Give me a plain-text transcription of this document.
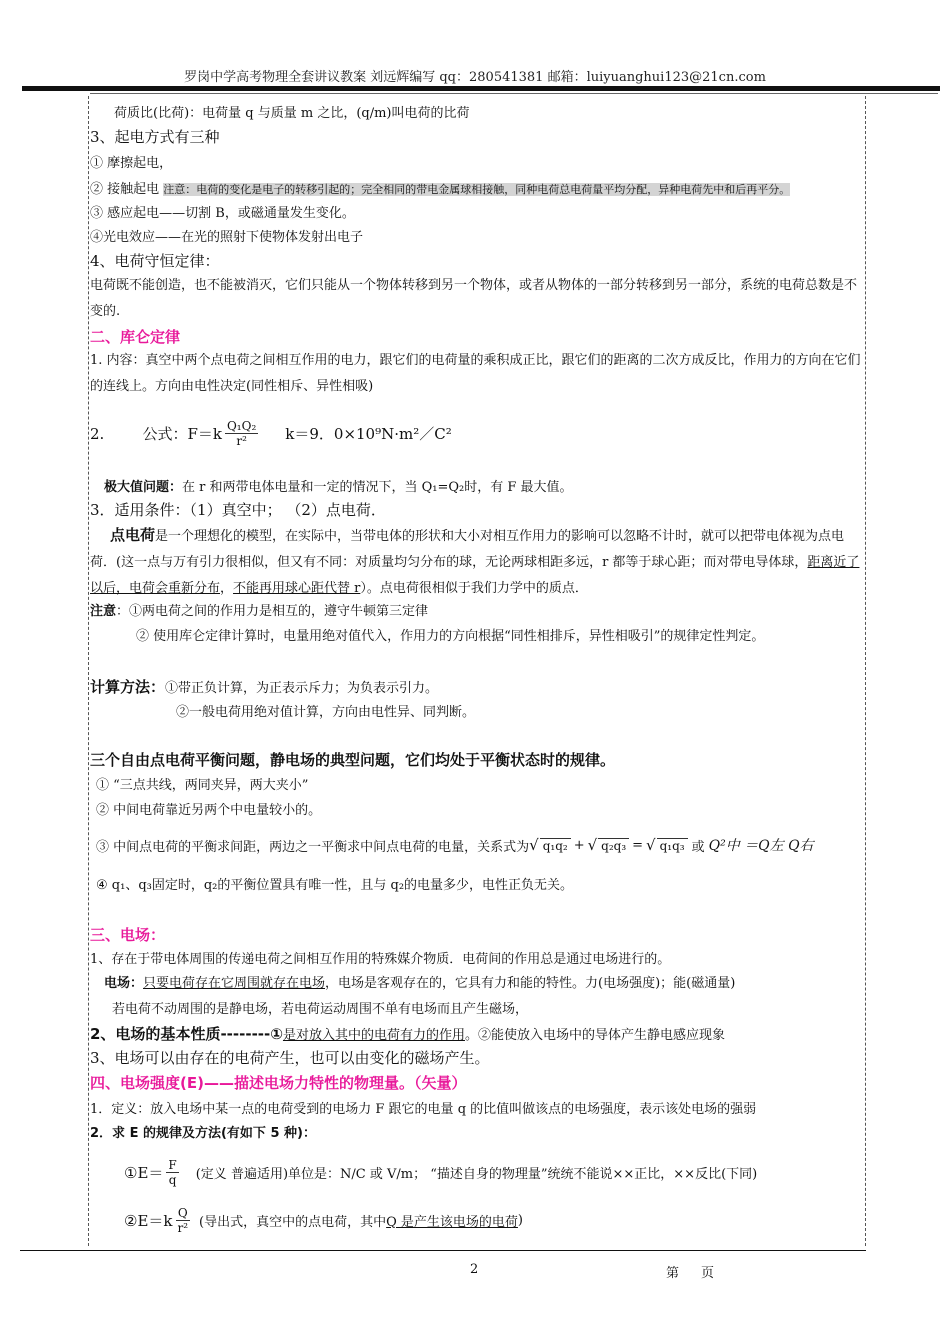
罗岗中学高考物理全套讲议教案 刘远辉编写 qq：280541381 邮箱：luiyuanghui123@21cn.com
荷质比(比荷)：电荷量 q 与质量 m 之比，(q/m)叫电荷的比荷
3、起电方式有三种
① 摩擦起电，
② 接触起电 注意：电荷的变化是电子的转移引起的；完全相同的带电金属球相接触，同种电荷总电荷量平均分配，异种电荷先中和后再平分。
③ 感应起电——切割 B，或磁通量发生变化。
④光电效应——在光的照射下使物体发射出电子
4、电荷守恒定律：
电荷既不能创造，也不能被消灭，它们只能从一个物体转移到另一个物体，或者从物体的一部分转移到另一部分，系统的电荷总数是不变的.
二、库仑定律
1. 内容：真空中两个点电荷之间相互作用的电力，跟它们的电荷量的乘积成正比，跟它们的距离的二次方成反比，作用力的方向在它们的连线上。方向由电性决定(同性相斥、异性相吸)
2.        公式： $F=k \frac{\text{Q₁Q₂}}{\text{r²}} k=9$．0×10⁹N·m²／C²
极大值问题：在 r 和两带电体电量和一定的情况下，当 Q₁=Q₂时，有 F 最大值。
3．适用条件：（1）真空中； （2）点电荷．
点电荷是一个理想化的模型，在实际中，当带电体的形状和大小对相互作用力的影响可以忽略不计时，就可以把带电体视为点电荷．(这一点与万有引力很相似，但又有不同：对质量均匀分布的球，无论两球相距多远，r 都等于球心距；而对带电导体球，距离近了以后，电荷会重新分布，不能再用球心距代替 r）。点电荷很相似于我们力学中的质点．
注意：①两电荷之间的作用力是相互的，遵守牛顿第三定律
② 使用库仑定律计算时，电量用绝对值代入，作用力的方向根据“同性相排斥，异性相吸引”的规律定性判定。
计算方法：①带正负计算，为正表示斥力；为负表示引力。
②一般电荷用绝对值计算，方向由电性异、同判断。
三个自由点电荷平衡问题，静电场的典型问题，它们均处于平衡状态时的规律。
① “三点共线，两同夹异，两大夹小”
② 中间电荷靠近另两个中电量较小的。
③ 中间点电荷的平衡求间距，两边之一平衡求中间点电荷的电量，关系式为 √ q₁q₂ + √ q₂q₃ = √ q₁q₃ 或 Q²中 ＝Q左 Q右
④ q₁、q₃固定时，q₂的平衡位置具有唯一性，且与 q₂的电量多少，电性正负无关。
三、电场：
1、存在于带电体周围的传递电荷之间相互作用的特殊媒介物质．电荷间的作用总是通过电场进行的。
电场：只要电荷存在它周围就存在电场，电场是客观存在的，它具有力和能的特性。力(电场强度)；能(磁通量)
若电荷不动周围的是静电场，若电荷运动周围不单有电场而且产生磁场，
2、电场的基本性质--------①是对放入其中的电荷有力的作用。②能使放入电场中的导体产生静电感应现象
3、电场可以由存在的电荷产生，也可以由变化的磁场产生。
四、电场强度(E)——描述电场力特性的物理量。（矢量）
1．定义：放入电场中某一点的电荷受到的电场力 F 跟它的电量 q 的比值叫做该点的电场强度，表示该处电场的强弱
2．求 E 的规律及方法(有如下 5 种)：
①E＝ $\frac{F}{q}$ (定义 普遍适用)单位是：N/C 或 V/m； “描述自身的物理量”统统不能说××正比，××反比(下同)
②E＝k $\frac{Q}{\text{r²}}$ (导出式，真空中的点电荷，其中 Q 是产生该电场的电荷 )
2	第页
